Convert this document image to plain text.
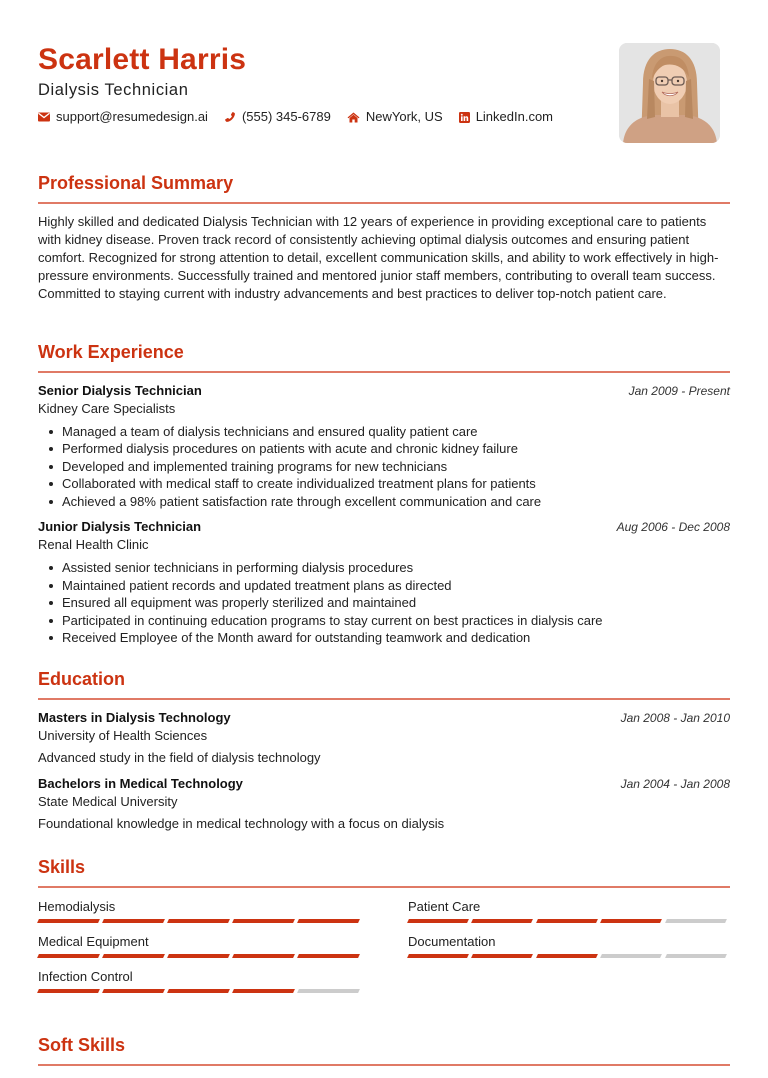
Scarlett Harris
Dialysis Technician
support@resumedesign.ai	(555) 345-6789	NewYork, US	LinkedIn.com
Professional Summary

Highly skilled and dedicated Dialysis Technician with 12 years of experience in providing exceptional care to patients with kidney disease. Proven track record of consistently achieving optimal dialysis outcomes and ensuring patient comfort. Recognized for strong attention to detail, excellent communication skills, and ability to work effectively in high-pressure environments. Successfully trained and mentored junior staff members, contributing to overall team success. Committed to staying current with industry advancements and best practices to deliver top-notch patient care.

Work Experience
Senior Dialysis Technician	Jan 2009 - Present
Kidney Care Specialists
Managed a team of dialysis technicians and ensured quality patient care
Performed dialysis procedures on patients with acute and chronic kidney failure
Developed and implemented training programs for new technicians
Collaborated with medical staff to create individualized treatment plans for patients
Achieved a 98% patient satisfaction rate through excellent communication and care
Junior Dialysis Technician	Aug 2006 - Dec 2008
Renal Health Clinic
Assisted senior technicians in performing dialysis procedures
Maintained patient records and updated treatment plans as directed
Ensured all equipment was properly sterilized and maintained
Participated in continuing education programs to stay current on best practices in dialysis care
Received Employee of the Month award for outstanding teamwork and dedication
Education
Masters in Dialysis Technology	Jan 2008 - Jan 2010
University of Health Sciences
Advanced study in the field of dialysis technology
Bachelors in Medical Technology	Jan 2004 - Jan 2008
State Medical University
Foundational knowledge in medical technology with a focus on dialysis
Skills
Hemodialysis	Patient Care
Medical Equipment	Documentation
Infection Control
Soft Skills
